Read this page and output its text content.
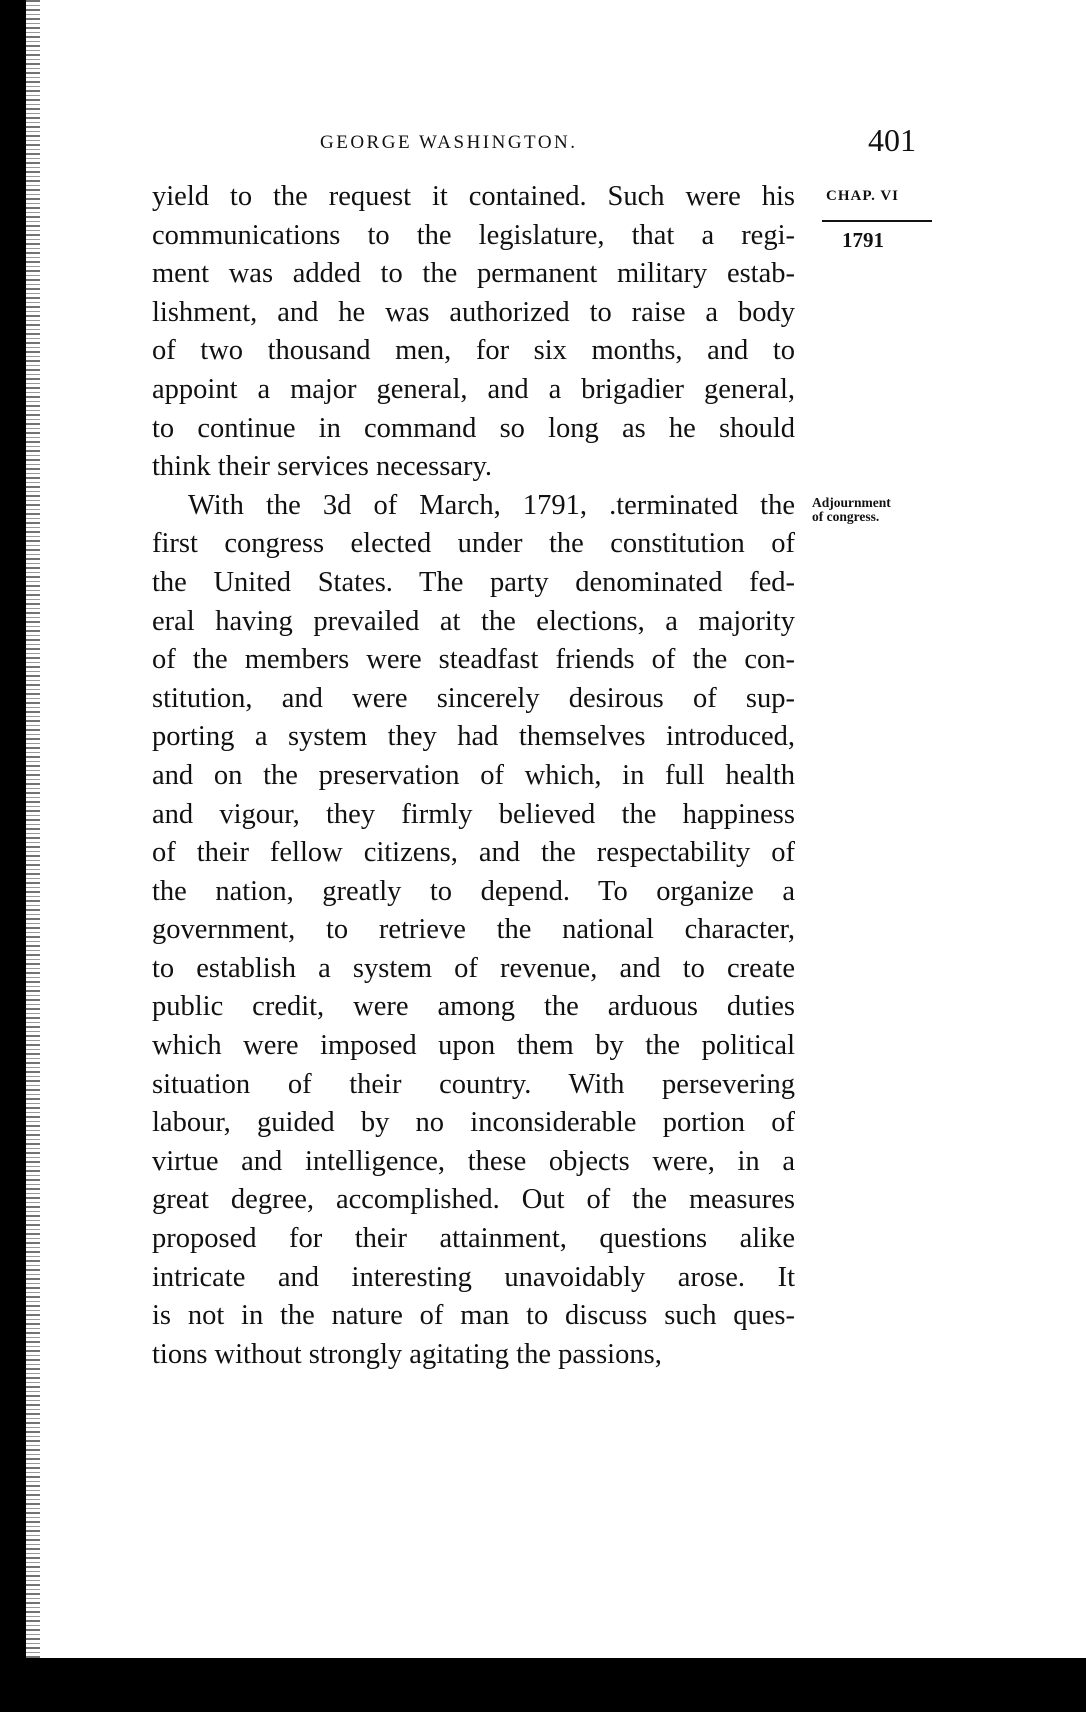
GEORGE WASHINGTON.	401
CHAP. VI
1791
Adjournment
of congress.
yield to the request it contained. Such were his
communications to the legislature, that a regi-
ment was added to the permanent military estab-
lishment, and he was authorized to raise a body
of two thousand men, for six months, and to
appoint a major general, and a brigadier general,
to continue in command so long as he should
think their services necessary.
With the 3d of March, 1791, .terminated the
first congress elected under the constitution of
the United States. The party denominated fed-
eral having prevailed at the elections, a majority
of the members were steadfast friends of the con-
stitution, and were sincerely desirous of sup-
porting a system they had themselves introduced,
and on the preservation of which, in full health
and vigour, they firmly believed the happiness
of their fellow citizens, and the respectability of
the nation, greatly to depend. To organize a
government, to retrieve the national character,
to establish a system of revenue, and to create
public credit, were among the arduous duties
which were imposed upon them by the political
situation of their country. With persevering
labour, guided by no inconsiderable portion of
virtue and intelligence, these objects were, in a
great degree, accomplished. Out of the measures
proposed for their attainment, questions alike
intricate and interesting unavoidably arose. It
is not in the nature of man to discuss such ques-
tions without strongly agitating the passions,
